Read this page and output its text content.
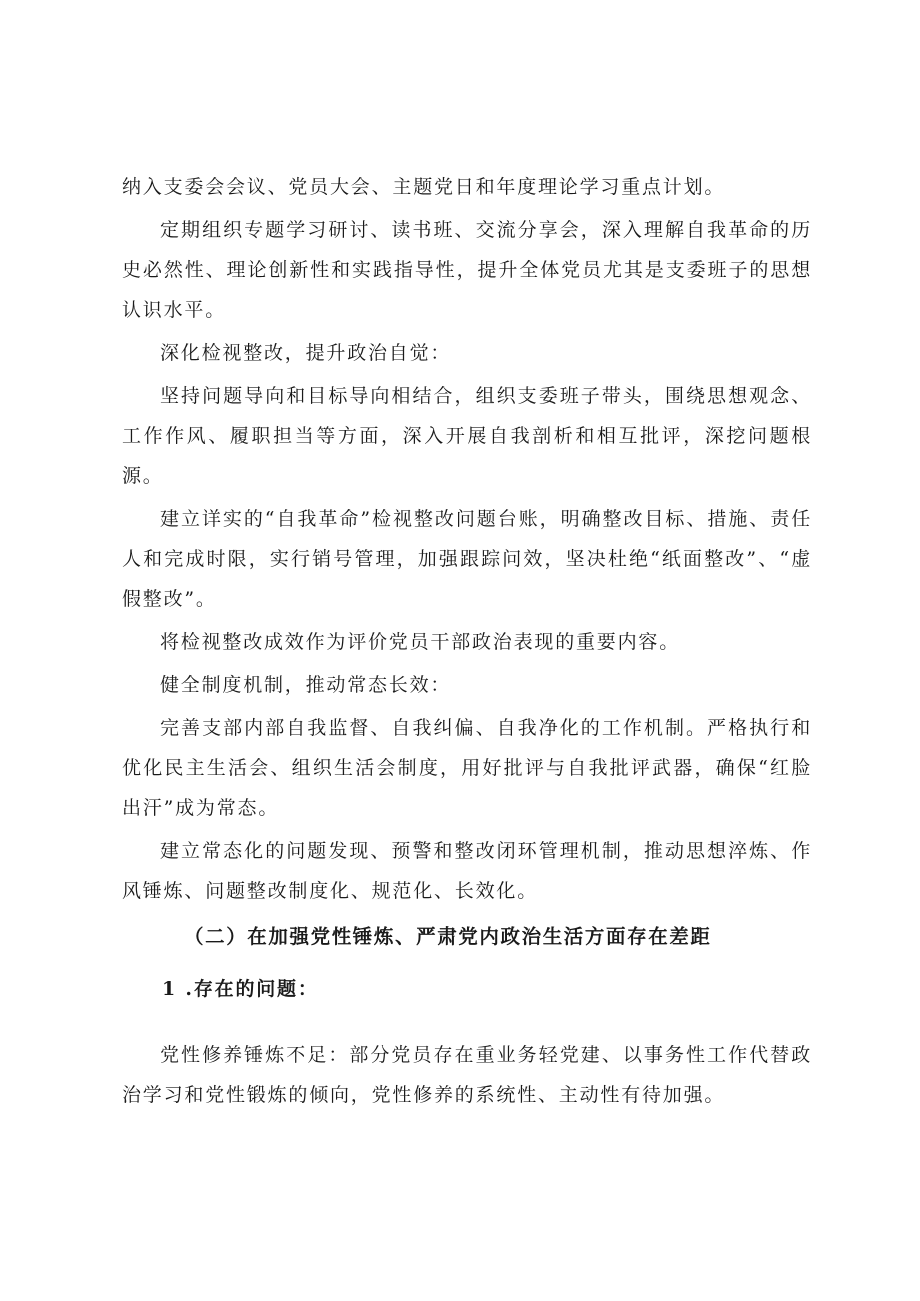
纳入支委会会议、党员大会、主题党日和年度理论学习重点计划。

定期组织专题学习研讨、读书班、交流分享会，深入理解自我革命的历史必然性、理论创新性和实践指导性，提升全体党员尤其是支委班子的思想认识水平。

深化检视整改，提升政治自觉：

坚持问题导向和目标导向相结合，组织支委班子带头，围绕思想观念、工作作风、履职担当等方面，深入开展自我剖析和相互批评，深挖问题根源。

建立详实的“自我革命”检视整改问题台账，明确整改目标、措施、责任人和完成时限，实行销号管理，加强跟踪问效，坚决杜绝“纸面整改”、“虚假整改”。

将检视整改成效作为评价党员干部政治表现的重要内容。

健全制度机制，推动常态长效：

完善支部内部自我监督、自我纠偏、自我净化的工作机制。严格执行和优化民主生活会、组织生活会制度，用好批评与自我批评武器，确保“红脸出汗”成为常态。

建立常态化的问题发现、预警和整改闭环管理机制，推动思想淬炼、作风锤炼、问题整改制度化、规范化、长效化。

（二）在加强党性锤炼、严肃党内政治生活方面存在差距
1 .存在的问题：

党性修养锤炼不足：部分党员存在重业务轻党建、以事务性工作代替政治学习和党性锻炼的倾向，党性修养的系统性、主动性有待加强。
